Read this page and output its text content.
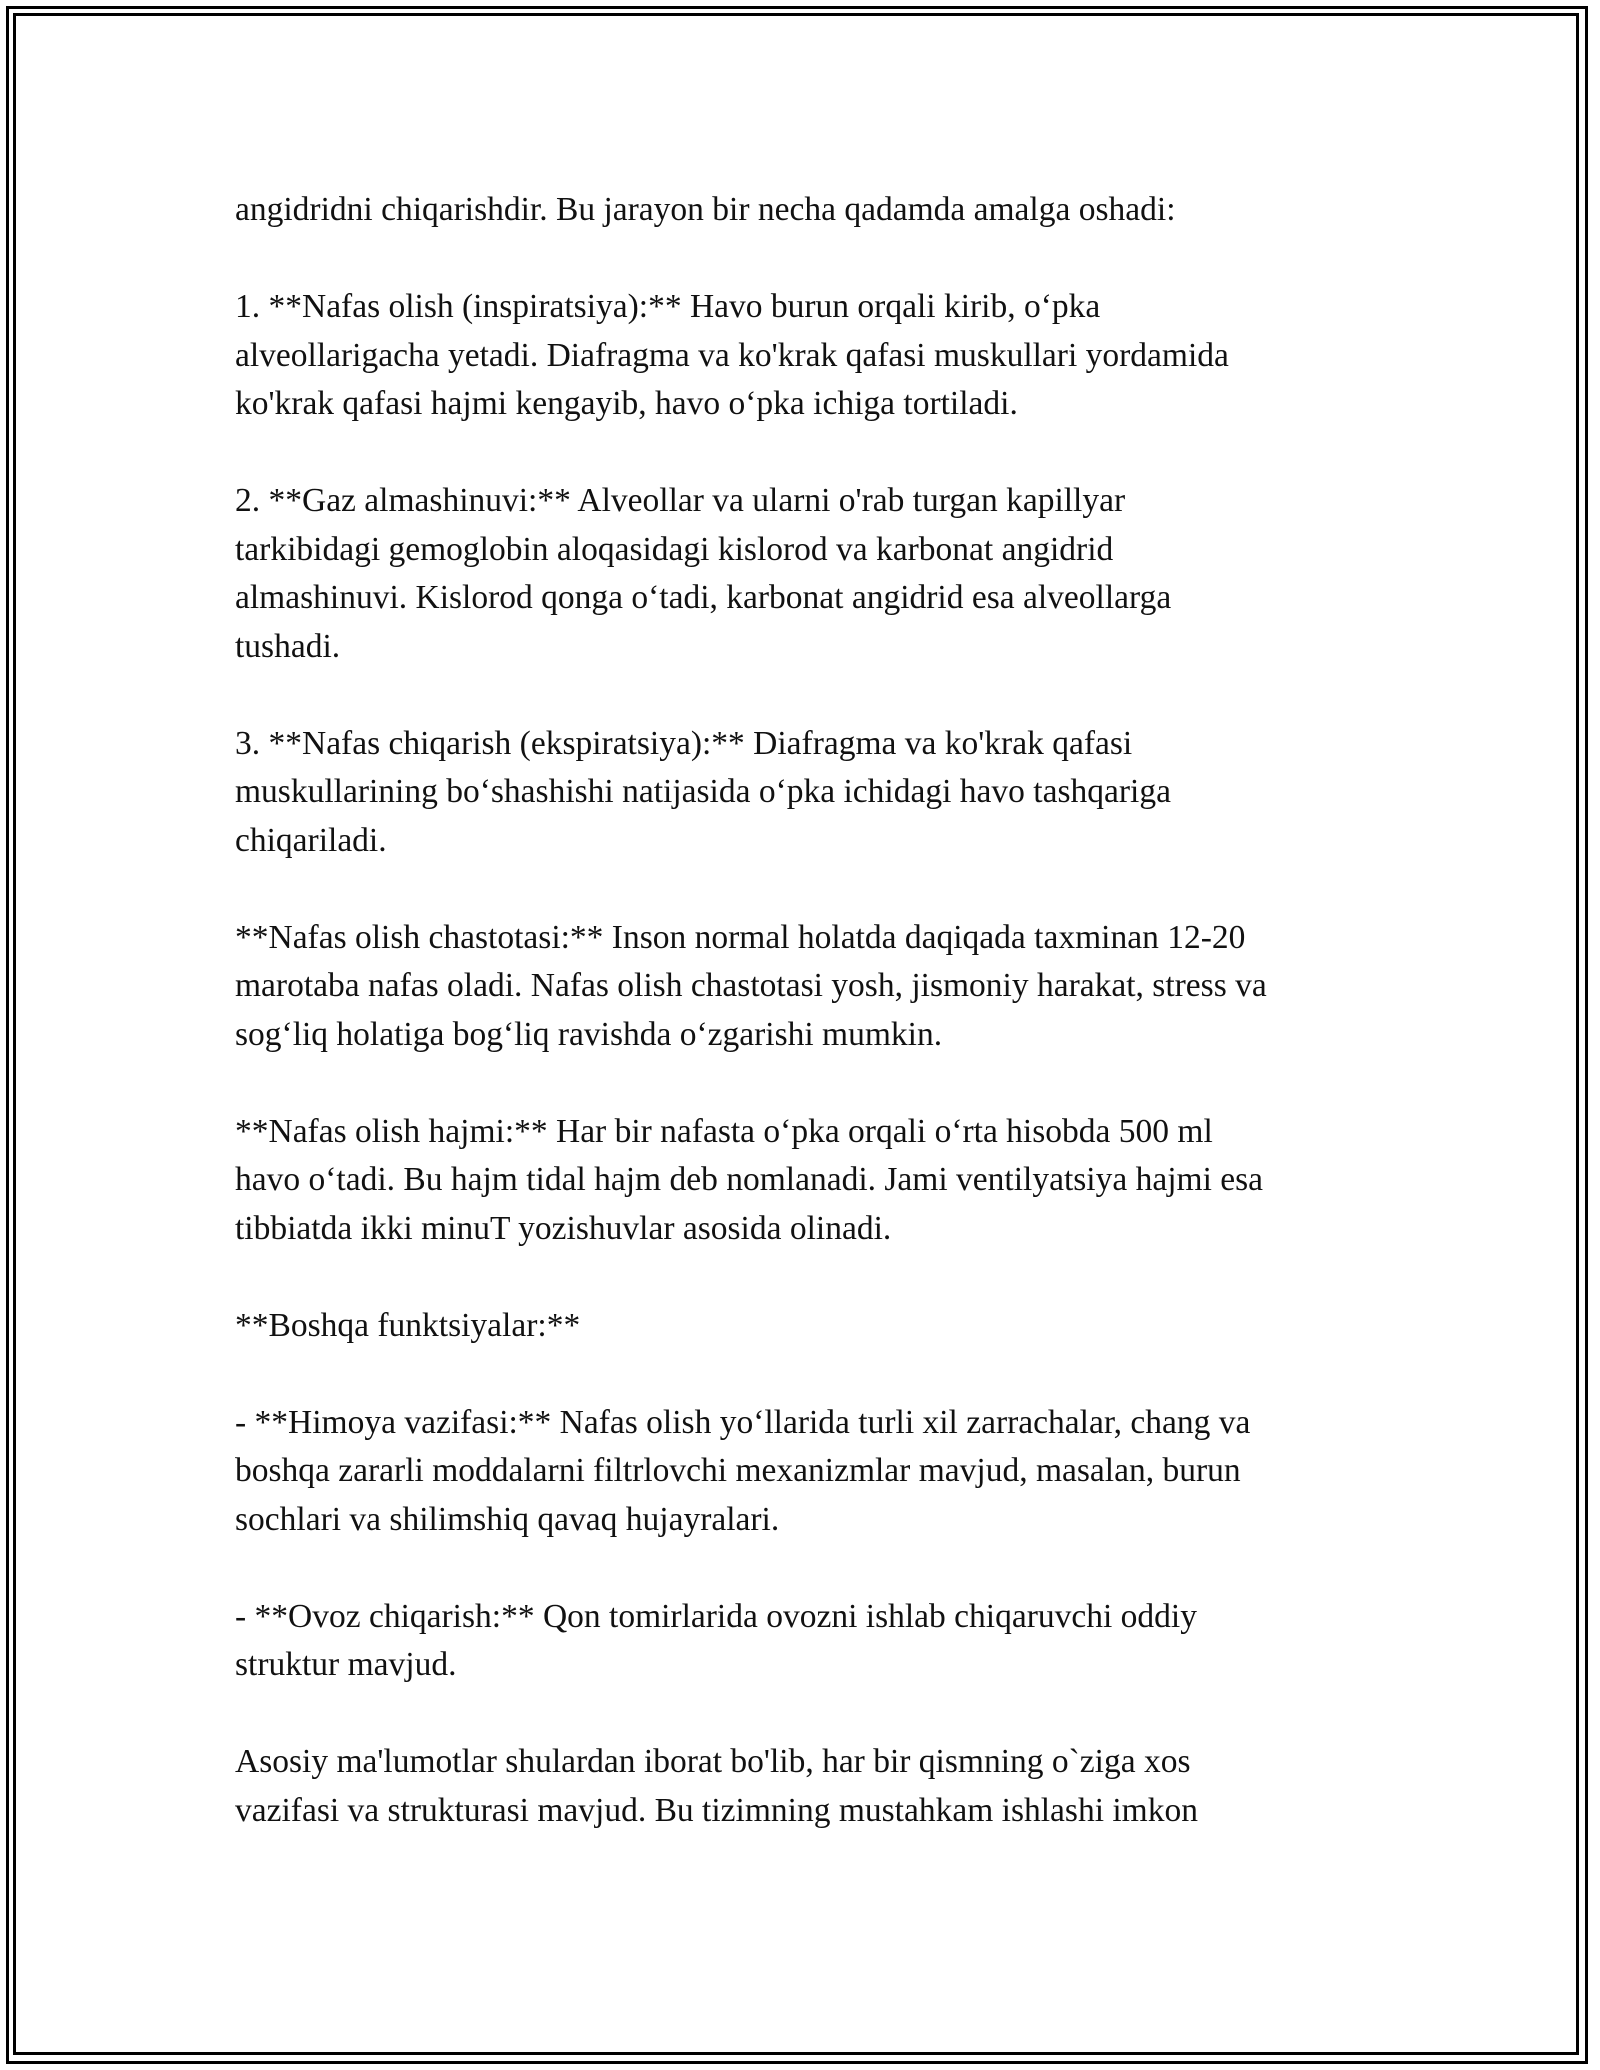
angidridni chiqarishdir. Bu jarayon bir necha qadamda amalga oshadi:

1. **Nafas olish (inspiratsiya):** Havo burun orqali kirib, o‘pka
alveollarigacha yetadi. Diafragma va ko'krak qafasi muskullari yordamida
ko'krak qafasi hajmi kengayib, havo o‘pka ichiga tortiladi.

2. **Gaz almashinuvi:** Alveollar va ularni o'rab turgan kapillyar
tarkibidagi gemoglobin aloqasidagi kislorod va karbonat angidrid
almashinuvi. Kislorod qonga o‘tadi, karbonat angidrid esa alveollarga
tushadi.

3. **Nafas chiqarish (ekspiratsiya):** Diafragma va ko'krak qafasi
muskullarining bo‘shashishi natijasida o‘pka ichidagi havo tashqariga
chiqariladi.

**Nafas olish chastotasi:** Inson normal holatda daqiqada taxminan 12-20
marotaba nafas oladi. Nafas olish chastotasi yosh, jismoniy harakat, stress va
sog‘liq holatiga bog‘liq ravishda o‘zgarishi mumkin.

**Nafas olish hajmi:** Har bir nafasta o‘pka orqali o‘rta hisobda 500 ml
havo o‘tadi. Bu hajm tidal hajm deb nomlanadi. Jami ventilyatsiya hajmi esa
tibbiatda ikki minuT yozishuvlar asosida olinadi.

**Boshqa funktsiyalar:**

- **Himoya vazifasi:** Nafas olish yo‘llarida turli xil zarrachalar, chang va
boshqa zararli moddalarni filtrlovchi mexanizmlar mavjud, masalan, burun
sochlari va shilimshiq qavaq hujayralari.

- **Ovoz chiqarish:** Qon tomirlarida ovozni ishlab chiqaruvchi oddiy
struktur mavjud.

Asosiy ma'lumotlar shulardan iborat bo'lib, har bir qismning o`ziga xos
vazifasi va strukturasi mavjud. Bu tizimning mustahkam ishlashi imkon
